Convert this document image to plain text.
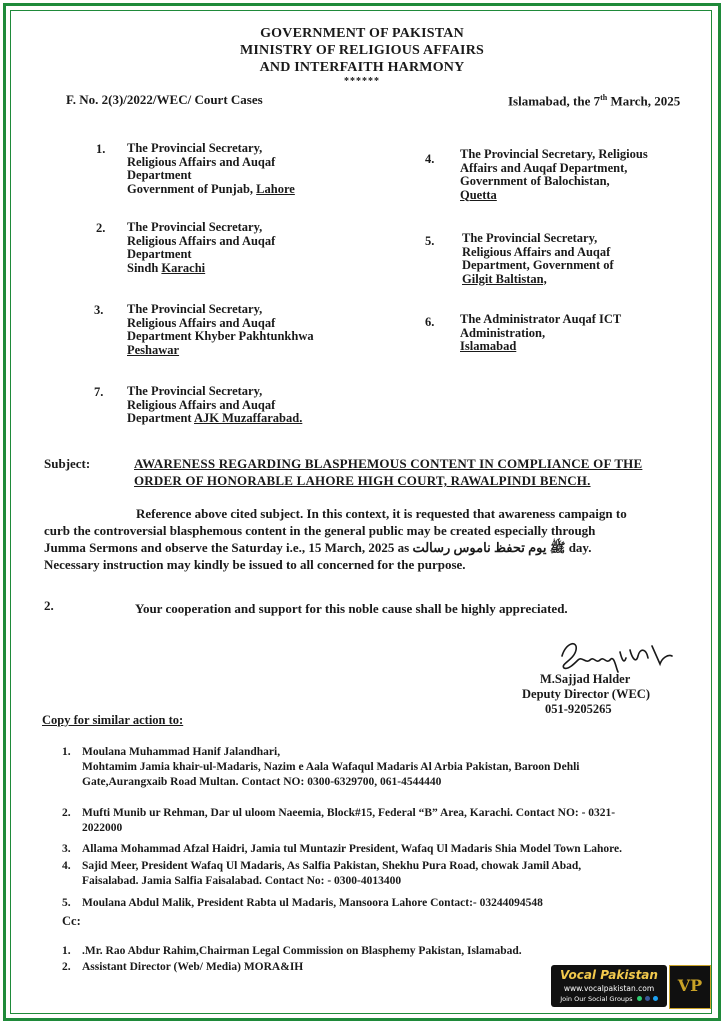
GOVERNMENT OF PAKISTAN
MINISTRY OF RELIGIOUS AFFAIRS
AND INTERFAITH HARMONY
******
F. No. 2(3)/2022/WEC/ Court Cases	Islamabad, the 7th March, 2025
1. The Provincial Secretary,
Religious Affairs and Auqaf
Department
Government of Punjab, Lahore
2. The Provincial Secretary,
Religious Affairs and Auqaf
Department
Sindh Karachi
3. The Provincial Secretary,
Religious Affairs and Auqaf
Department Khyber Pakhtunkhwa
Peshawar
7. The Provincial Secretary,
Religious Affairs and Auqaf
Department AJK Muzaffarabad.
4. The Provincial Secretary, Religious
Affairs and Auqaf Department,
Government of Balochistan,
Quetta
5. The Provincial Secretary,
Religious Affairs and Auqaf
Department, Government of
Gilgit Baltistan,
6. The Administrator Auqaf ICT
Administration,
Islamabad
Subject:	AWARENESS REGARDING BLASPHEMOUS CONTENT IN COMPLIANCE OF THE
ORDER OF HONORABLE LAHORE HIGH COURT, RAWALPINDI BENCH.
Reference above cited subject. In this context, it is requested that awareness campaign to
curb the controversial blasphemous content in the general public may be created especially through
Jumma Sermons and observe the Saturday i.e., 15 March, 2025 as ﷺ یوم تحفظ ناموس رسالت day.
Necessary instruction may kindly be issued to all concerned for the purpose.
2.	Your cooperation and support for this noble cause shall be highly appreciated.
M.Sajjad Halder
Deputy Director (WEC)
051-9205265
Copy for similar action to:
1. Moulana Muhammad Hanif Jalandhari,
Mohtamim Jamia khair-ul-Madaris, Nazim e Aala Wafaqul Madaris Al Arbia Pakistan, Baroon Dehli
Gate,Aurangxaib Road Multan. Contact NO: 0300-6329700, 061-4544440
2. Mufti Munib ur Rehman, Dar ul uloom Naeemia, Block#15, Federal “B” Area, Karachi. Contact NO: - 0321-
2022000
3. Allama Mohammad Afzal Haidri, Jamia tul Muntazir President, Wafaq Ul Madaris Shia Model Town Lahore.
4. Sajid Meer, President Wafaq Ul Madaris, As Salfia Pakistan, Shekhu Pura Road, chowak Jamil Abad,
Faisalabad. Jamia Salfia Faisalabad. Contact No: - 0300-4013400
5. Moulana Abdul Malik, President Rabta ul Madaris, Mansoora Lahore Contact:- 03244094548
Cc:
1. .Mr. Rao Abdur Rahim,Chairman Legal Commission on Blasphemy Pakistan, Islamabad.
2. Assistant Director (Web/ Media) MORA&IH
Vocal Pakistan
www.vocalpakistan.com
Join Our Social Groups
VP
